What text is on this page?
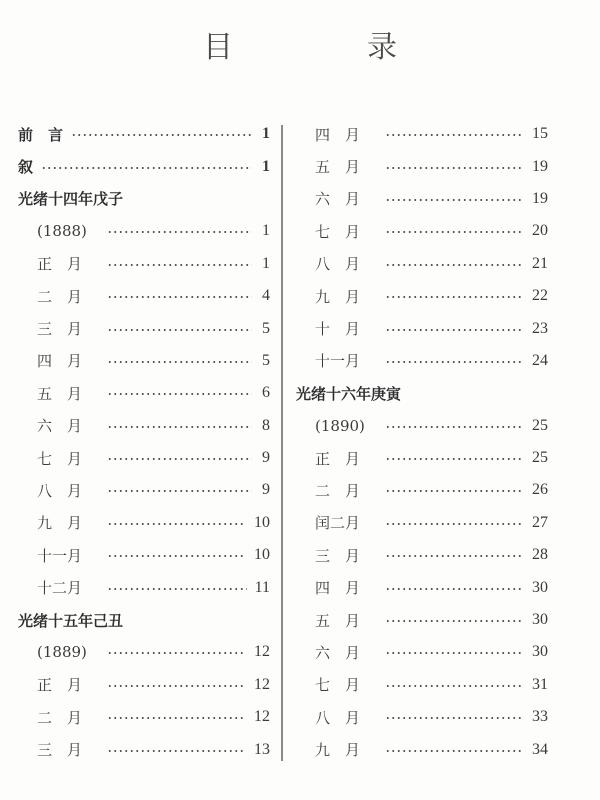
目　录
前　言	1
叙	1
光绪十四年戊子
(1888)	1
正　月	1
二　月	4
三　月	5
四　月	5
五　月	6
六　月	8
七　月	9
八　月	9
九　月	10
十一月	10
十二月	11
光绪十五年己丑
(1889)	12
正　月	12
二　月	12
三　月	13
四　月	15
五　月	19
六　月	19
七　月	20
八　月	21
九　月	22
十　月	23
十一月	24
光绪十六年庚寅
(1890)	25
正　月	25
二　月	26
闰二月	27
三　月	28
四　月	30
五　月	30
六　月	30
七　月	31
八　月	33
九　月	34
